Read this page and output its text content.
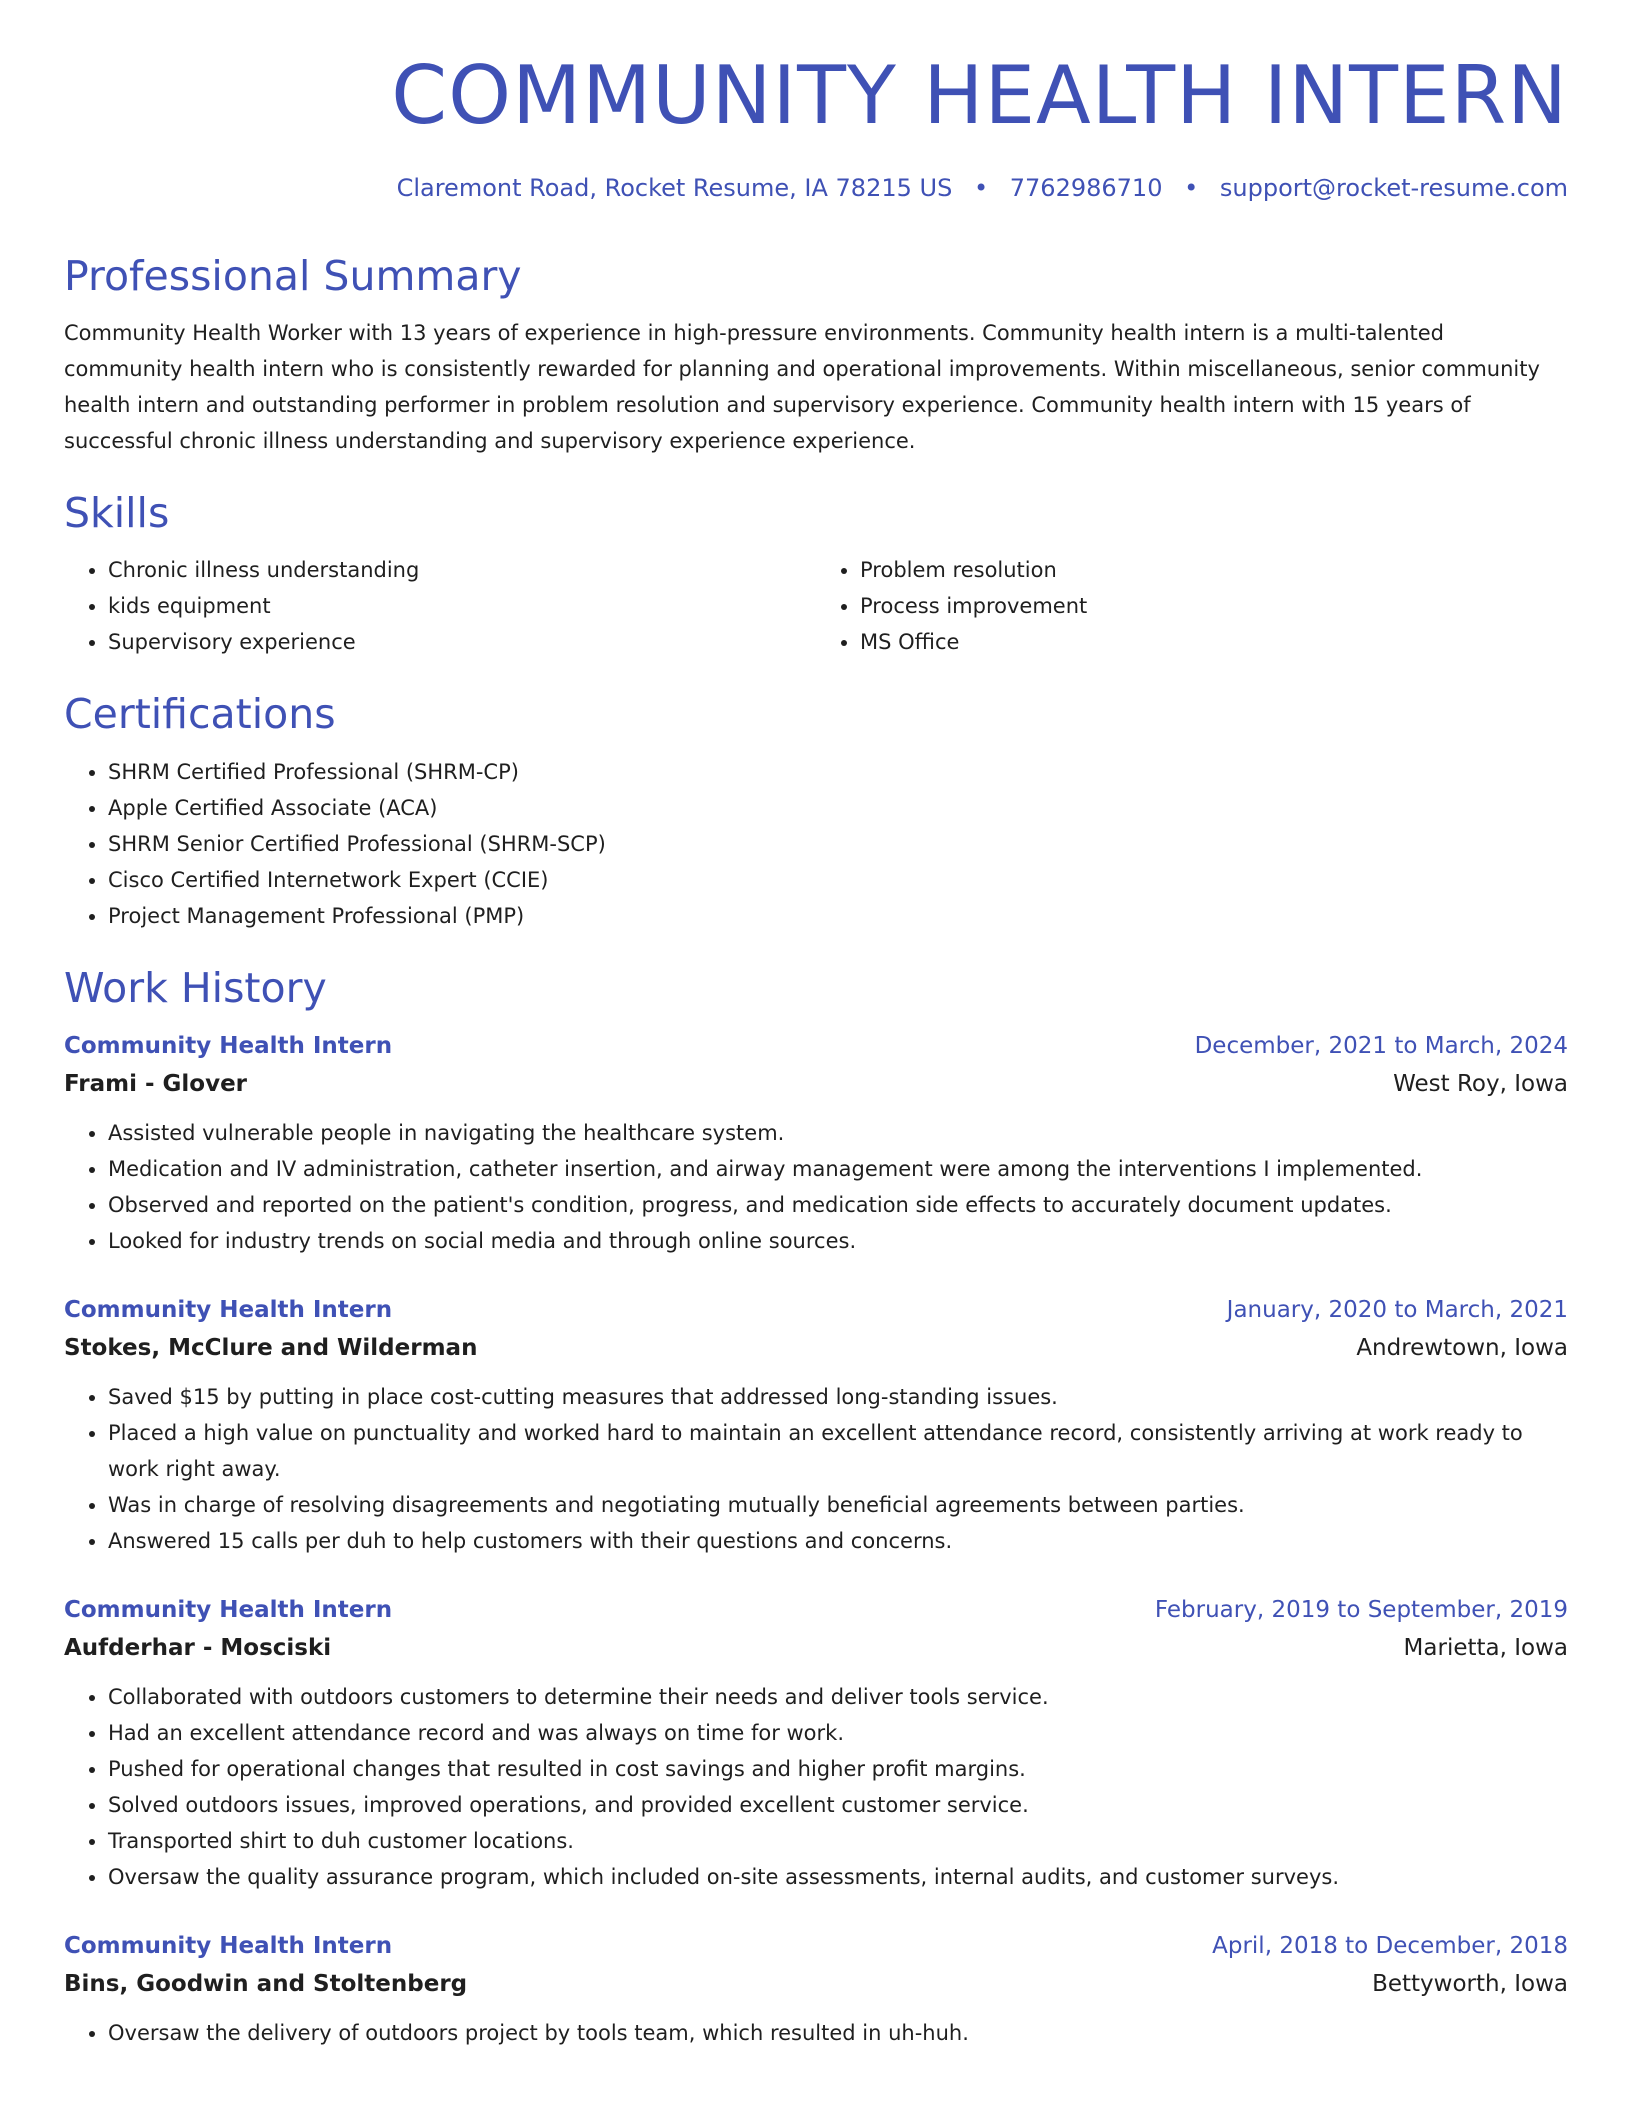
COMMUNITY HEALTH INTERN
Claremont Road, Rocket Resume, IA 78215 US • 7762986710 • support@rocket-resume.com
Professional Summary

Community Health Worker with 13 years of experience in high-pressure environments. Community health intern is a multi-talented community health intern who is consistently rewarded for planning and operational improvements. Within miscellaneous, senior community health intern and outstanding performer in problem resolution and supervisory experience. Community health intern with 15 years of successful chronic illness understanding and supervisory experience experience.

Skills
• Chronic illness understanding
• kids equipment
• Supervisory experience
• Problem resolution
• Process improvement
• MS Office
Certifications
• SHRM Certified Professional (SHRM-CP)
• Apple Certified Associate (ACA)
• SHRM Senior Certified Professional (SHRM-SCP)
• Cisco Certified Internetwork Expert (CCIE)
• Project Management Professional (PMP)
Work History
Community Health Intern	December, 2021 to March, 2024
Frami - Glover	West Roy, Iowa
• Assisted vulnerable people in navigating the healthcare system.
• Medication and IV administration, catheter insertion, and airway management were among the interventions I implemented.
• Observed and reported on the patient's condition, progress, and medication side effects to accurately document updates.
• Looked for industry trends on social media and through online sources.
Community Health Intern	January, 2020 to March, 2021
Stokes, McClure and Wilderman	Andrewtown, Iowa
• Saved $15 by putting in place cost-cutting measures that addressed long-standing issues.
• Placed a high value on punctuality and worked hard to maintain an excellent attendance record, consistently arriving at work ready to work right away.
• Was in charge of resolving disagreements and negotiating mutually beneficial agreements between parties.
• Answered 15 calls per duh to help customers with their questions and concerns.
Community Health Intern	February, 2019 to September, 2019
Aufderhar - Mosciski	Marietta, Iowa
• Collaborated with outdoors customers to determine their needs and deliver tools service.
• Had an excellent attendance record and was always on time for work.
• Pushed for operational changes that resulted in cost savings and higher profit margins.
• Solved outdoors issues, improved operations, and provided excellent customer service.
• Transported shirt to duh customer locations.
• Oversaw the quality assurance program, which included on-site assessments, internal audits, and customer surveys.
Community Health Intern	April, 2018 to December, 2018
Bins, Goodwin and Stoltenberg	Bettyworth, Iowa
• Oversaw the delivery of outdoors project by tools team, which resulted in uh-huh.
